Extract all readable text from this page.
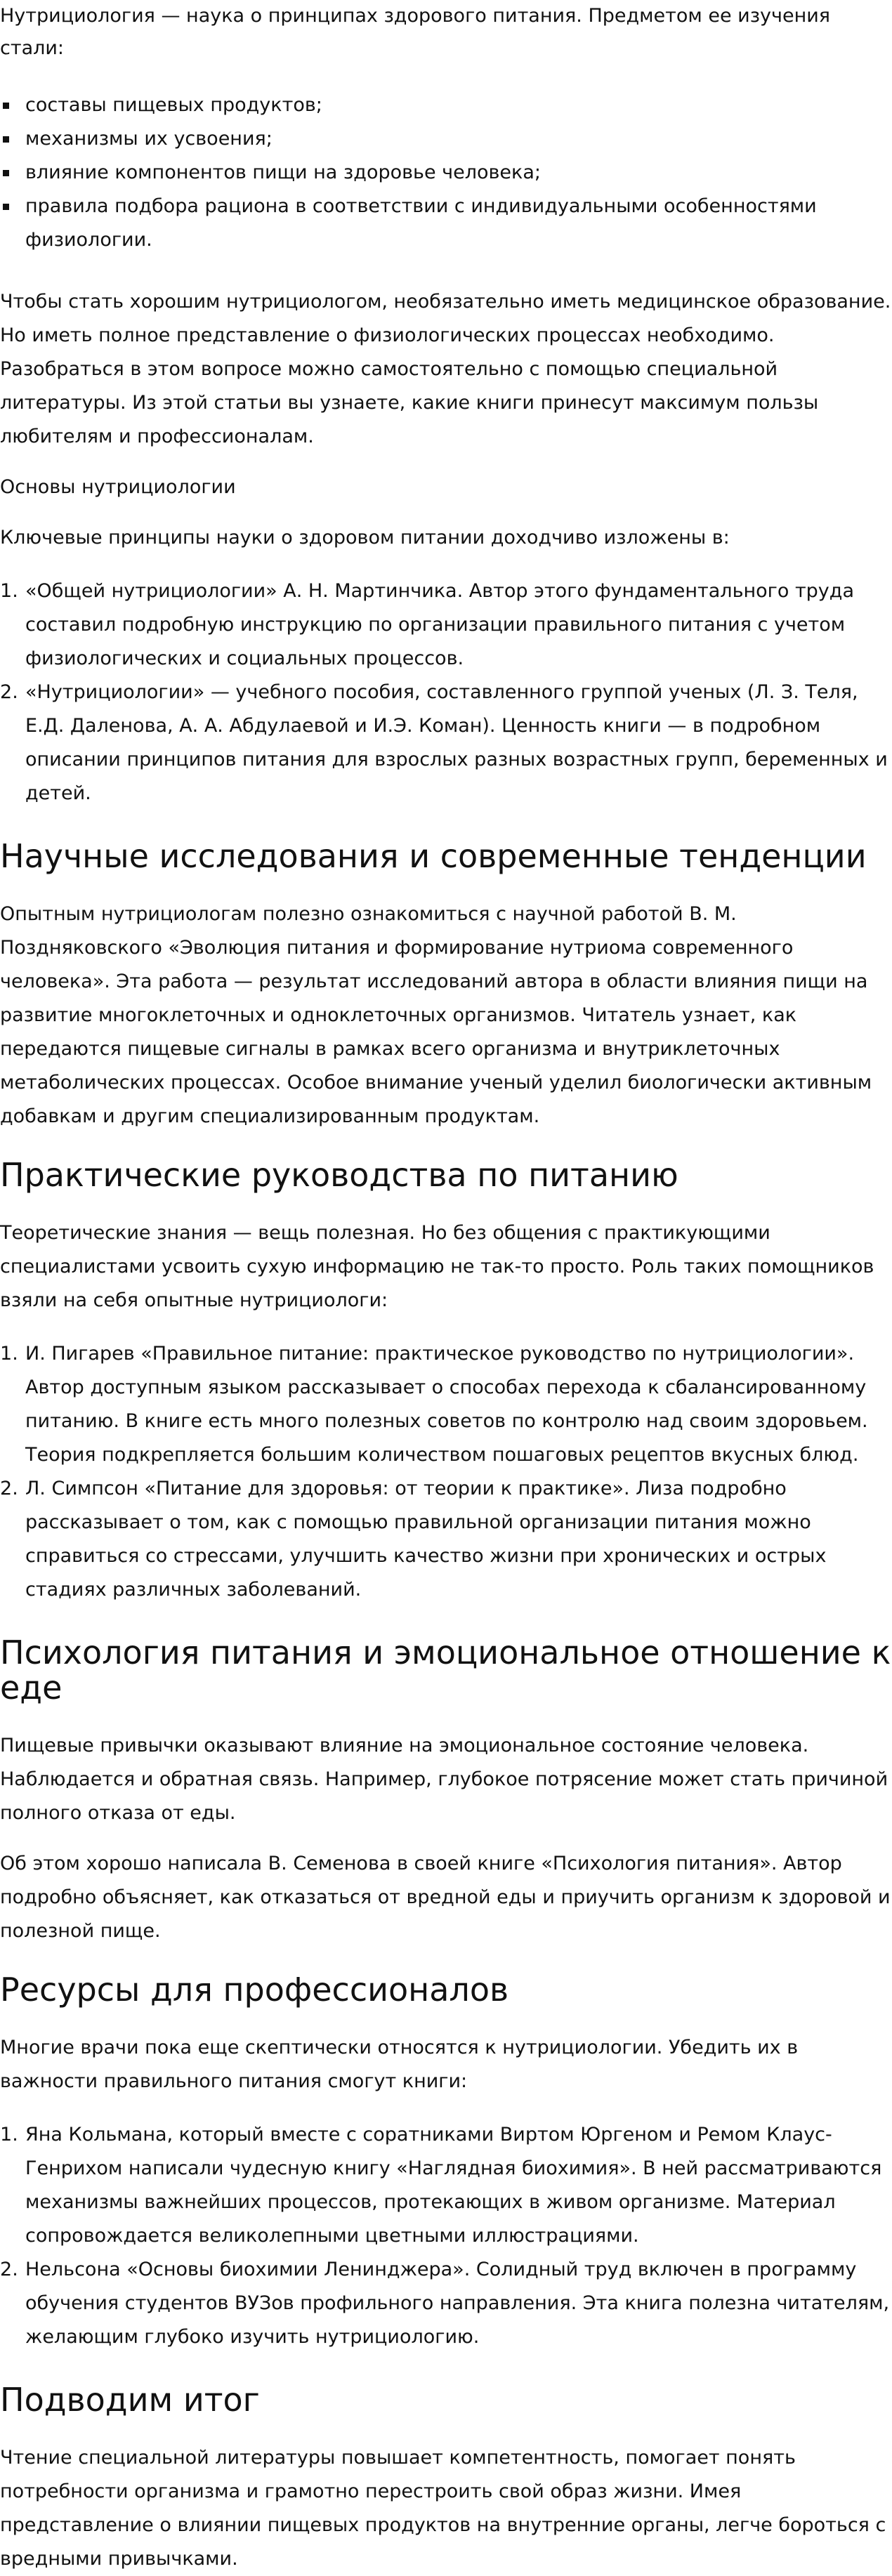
Нутрициология — наука о принципах здорового питания. Предметом ее изучения стали:

составы пищевых продуктов;
механизмы их усвоения;
влияние компонентов пищи на здоровье человека;
правила подбора рациона в соответствии с индивидуальными особенностями физиологии.

Чтобы стать хорошим нутрициологом, необязательно иметь медицинское образование. Но иметь полное представление о физиологических процессах необходимо. Разобраться в этом вопросе можно самостоятельно с помощью специальной литературы. Из этой статьи вы узнаете, какие книги принесут максимум пользы любителям и профессионалам.

Основы нутрициологии

Ключевые принципы науки о здоровом питании доходчиво изложены в:

«Общей нутрициологии» А. Н. Мартинчика. Автор этого фундаментального труда составил подробную инструкцию по организации правильного питания с учетом физиологических и социальных процессов.
«Нутрициологии» — учебного пособия, составленного группой ученых (Л. З. Теля, Е.Д. Даленова, А. А. Абдулаевой и И.Э. Коман). Ценность книги — в подробном описании принципов питания для взрослых разных возрастных групп, беременных и детей.
Научные исследования и современные тенденции

Опытным нутрициологам полезно ознакомиться с научной работой В. М. Поздняковского «Эволюция питания и формирование нутриома современного человека». Эта работа — результат исследований автора в области влияния пищи на развитие многоклеточных и одноклеточных организмов. Читатель узнает, как передаются пищевые сигналы в рамках всего организма и внутриклеточных метаболических процессах. Особое внимание ученый уделил биологически активным добавкам и другим специализированным продуктам.

Практические руководства по питанию

Теоретические знания — вещь полезная. Но без общения с практикующими специалистами усвоить сухую информацию не так-то просто. Роль таких помощников взяли на себя опытные нутрициологи:

И. Пигарев «Правильное питание: практическое руководство по нутрициологии». Автор доступным языком рассказывает о способах перехода к сбалансированному питанию. В книге есть много полезных советов по контролю над своим здоровьем. Теория подкрепляется большим количеством пошаговых рецептов вкусных блюд.
Л. Симпсон «Питание для здоровья: от теории к практике». Лиза подробно рассказывает о том, как с помощью правильной организации питания можно справиться со стрессами, улучшить качество жизни при хронических и острых стадиях различных заболеваний.
Психология питания и эмоциональное отношение к еде

Пищевые привычки оказывают влияние на эмоциональное состояние человека. Наблюдается и обратная связь. Например, глубокое потрясение может стать причиной полного отказа от еды.

Об этом хорошо написала В. Семенова в своей книге «Психология питания». Автор подробно объясняет, как отказаться от вредной еды и приучить организм к здоровой и полезной пище.

Ресурсы для профессионалов

Многие врачи пока еще скептически относятся к нутрициологии. Убедить их в важности правильного питания смогут книги:

Яна Кольмана, который вместе с соратниками Виртом Юргеном и Ремом Клаус-Генрихом написали чудесную книгу «Наглядная биохимия». В ней рассматриваются механизмы важнейших процессов, протекающих в живом организме. Материал сопровождается великолепными цветными иллюстрациями.
Нельсона «Основы биохимии Ленинджера». Солидный труд включен в программу обучения студентов ВУЗов профильного направления. Эта книга полезна читателям, желающим глубоко изучить нутрициологию.
Подводим итог

Чтение специальной литературы повышает компетентность, помогает понять потребности организма и грамотно перестроить свой образ жизни. Имея представление о влиянии пищевых продуктов на внутренние органы, легче бороться с вредными привычками.
